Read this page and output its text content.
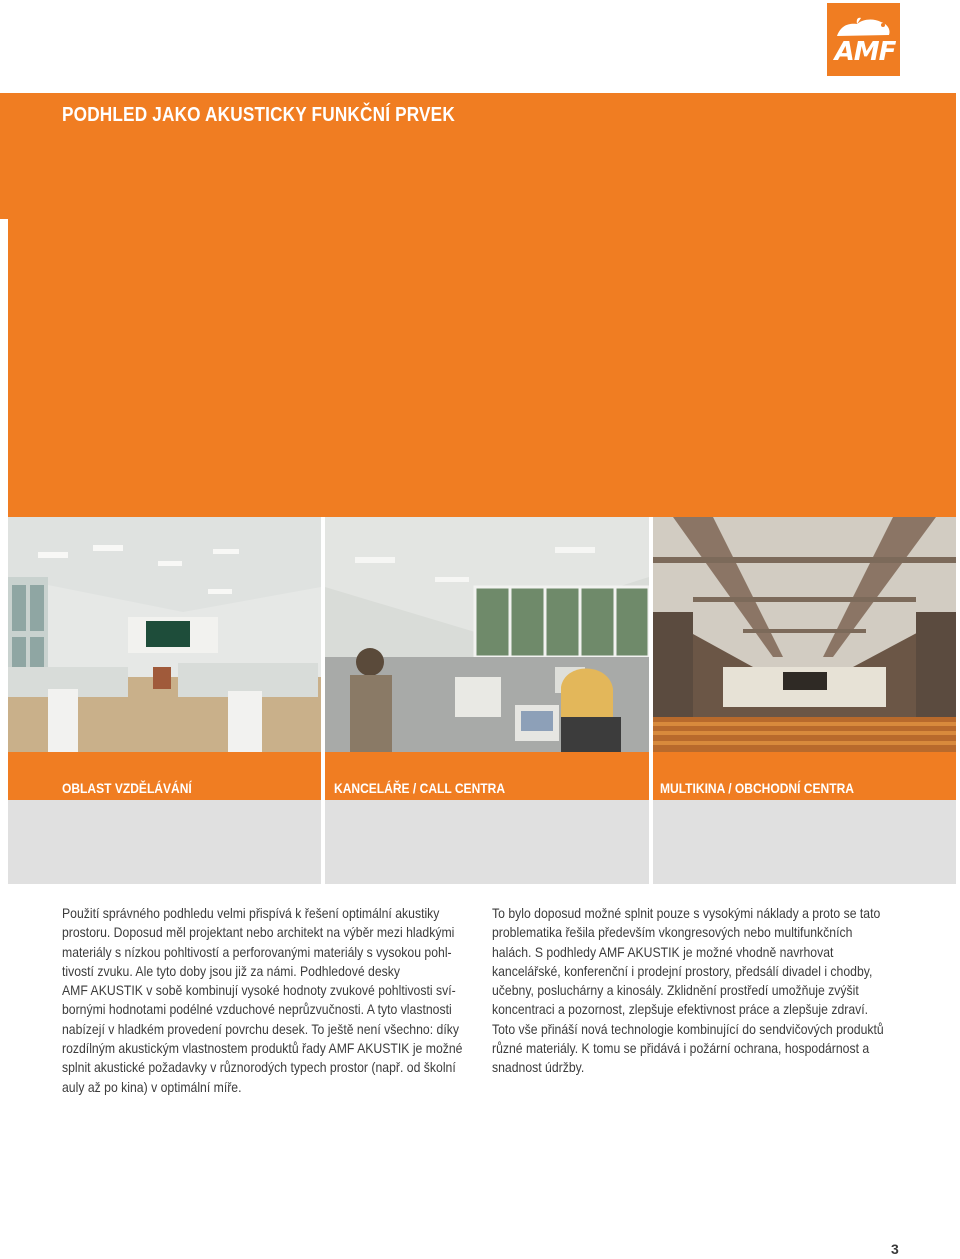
AMF
PODHLED JAKO AKUSTICKY FUNKČNÍ PRVEK
OBLAST VZDĚLÁVÁNÍ	KANCELÁŘE / CALL CENTRA	MULTIKINA / OBCHODNÍ CENTRA

Použití správného podhledu velmi přispívá k řešení optimální akustiky

prostoru. Doposud měl projektant nebo architekt na výběr mezi hladkými

materiály s nízkou pohltivostí a perforovanými materiály s vysokou pohl-

tivostí zvuku. Ale tyto doby jsou již za námi. Podhledové desky

AMF AKUSTIK v sobě kombinují vysoké hodnoty zvukové pohltivosti sví-

bornými hodnotami podélné vzduchové neprůzvučnosti. A tyto vlastnosti

nabízejí v hladkém provedení povrchu desek. To ještě není všechno: díky

rozdílným akustickým vlastnostem produktů řady AMF AKUSTIK je možné

splnit akustické požadavky v různorodých typech prostor (např. od školní

auly až po kina) v optimální míře.

To bylo doposud možné splnit pouze s vysokými náklady a proto se tato

problematika řešila především vkongresových nebo multifunkčních

halách. S podhledy AMF AKUSTIK je možné vhodně navrhovat

kancelářské, konferenční i prodejní prostory, předsálí divadel i chodby,

učebny, posluchárny a kinosály. Zklidnění prostředí umožňuje zvýšit

koncentraci a pozornost, zlepšuje efektivnost práce a zlepšuje zdraví.

Toto vše přináší nová technologie kombinující do sendvičových produktů

různé materiály. K tomu se přidává i požární ochrana, hospodárnost a

snadnost údržby.

3
